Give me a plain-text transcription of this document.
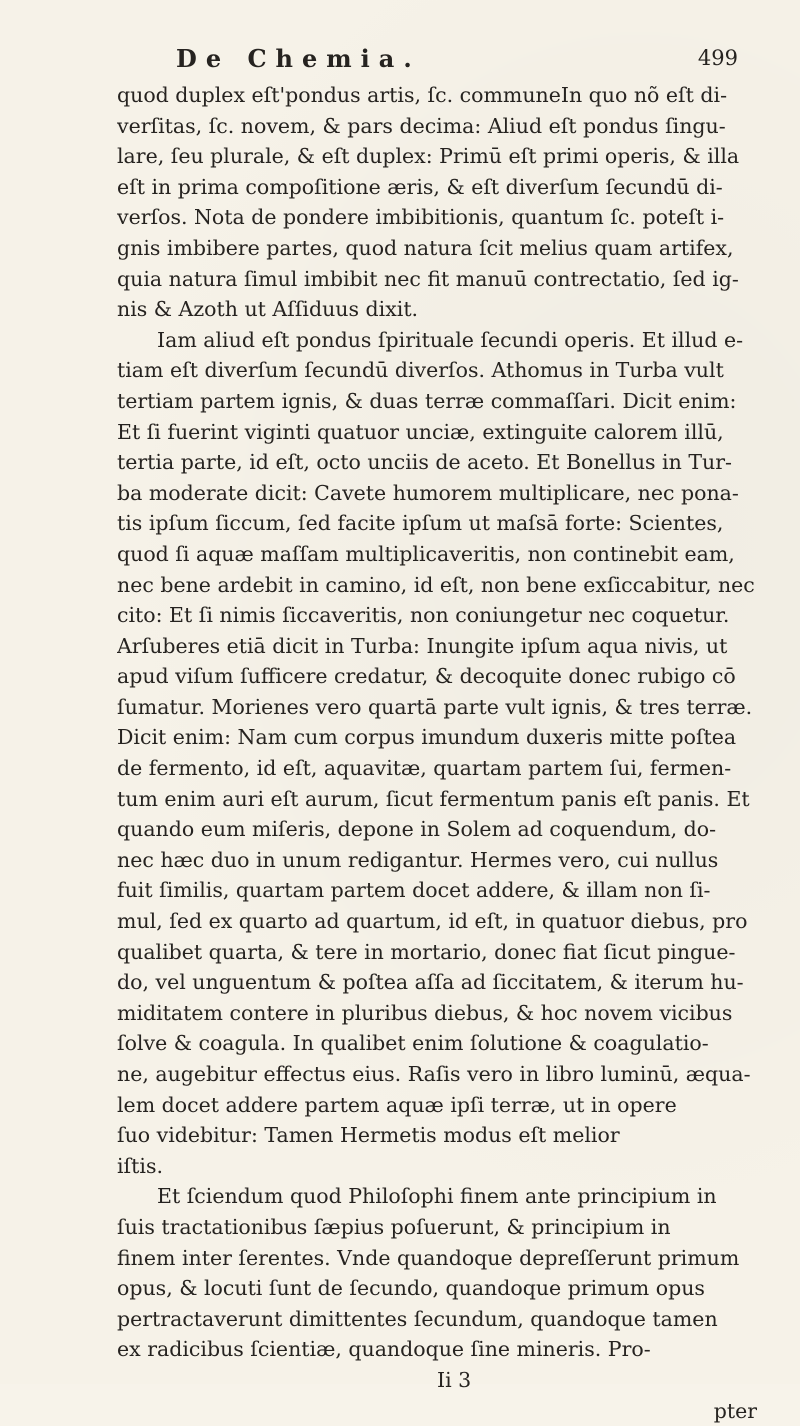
De Chemia.	499

quod duplex eſt'pondus artis, ſc. communeIn quo nõ eſt di-

verſitas, ſc. novem, & pars decima: Aliud eſt pondus ſingu-

lare, ſeu plurale, & eſt duplex: Primū eſt primi operis, & illa

eſt in prima compoſitione æris, & eſt diverſum ſecundū di-

verſos. Nota de pondere imbibitionis, quantum ſc. poteſt i-

gnis imbibere partes, quod natura ſcit melius quam artifex,

quia natura ſimul imbibit nec fit manuū contrectatio, ſed ig-

nis & Azoth ut Aſſiduus dixit.

Iam aliud eſt pondus ſpirituale ſecundi operis. Et illud e-

tiam eſt diverſum ſecundū diverſos. Athomus in Turba vult

tertiam partem ignis, & duas terræ commaſſari. Dicit enim:

Et ſi fuerint viginti quatuor unciæ, extinguite calorem illū,

tertia parte, id eſt, octo unciis de aceto. Et Bonellus in Tur-

ba moderate dicit: Cavete humorem multiplicare, nec pona-

tis ipſum ſiccum, ſed facite ipſum ut maſsā forte: Scientes,

quod ſi aquæ maſſam multiplicaveritis, non continebit eam,

nec bene ardebit in camino, id eſt, non bene exſiccabitur, nec

cito: Et ſi nimis ſiccaveritis, non coniungetur nec coquetur.

Arſuberes etiā dicit in Turba: Inungite ipſum aqua nivis, ut

apud viſum ſufficere credatur, & decoquite donec rubigo cō

ſumatur. Morienes vero quartā parte vult ignis, & tres terræ.

Dicit enim: Nam cum corpus imundum duxeris mitte poſtea

de fermento, id eſt, aquavitæ, quartam partem ſui, fermen-

tum enim auri eſt aurum, ſicut fermentum panis eſt panis. Et

quando eum miſeris, depone in Solem ad coquendum, do-

nec hæc duo in unum redigantur. Hermes vero, cui nullus

fuit ſimilis, quartam partem docet addere, & illam non ſi-

mul, ſed ex quarto ad quartum, id eſt, in quatuor diebus, pro

qualibet quarta, & tere in mortario, donec fiat ſicut pingue-

do, vel unguentum & poſtea aſſa ad ſiccitatem, & iterum hu-

miditatem contere in pluribus diebus, & hoc novem vicibus

ſolve & coagula. In qualibet enim ſolutione & coagulatio-

ne, augebitur effectus eius. Raſis vero in libro luminū, æqua-

lem docet addere partem aquæ ipſi terræ, ut in opere

ſuo videbitur: Tamen Hermetis modus eſt melior

iſtis.

Et ſciendum quod Philoſophi finem ante principium in

ſuis tractationibus ſæpius poſuerunt, & principium in

finem inter ſerentes. Vnde quandoque depreſſerunt primum

opus, & locuti ſunt de ſecundo, quandoque primum opus

pertractaverunt dimittentes ſecundum, quandoque tamen

ex radicibus ſcientiæ, quandoque ſine mineris. Pro-

Ii 3

pter
